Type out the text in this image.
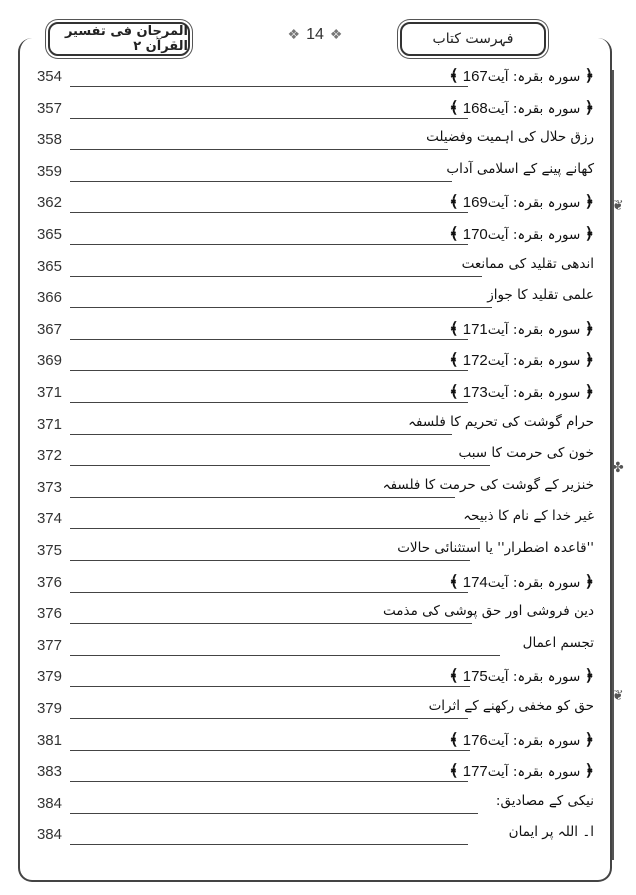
❦
✤
❦
المرجان فی تفسیر القرآن ۲
❖ 14 ❖	فہرست کتاب
354	﴿ سورہ بقرہ: آیت167 ﴾
357	﴿ سورہ بقرہ: آیت168 ﴾
358	رزق حلال کی اہمیت وفضیلت
359	کھانے پینے کے اسلامی آداب
362	﴿ سورہ بقرہ: آیت169 ﴾
365	﴿ سورہ بقرہ: آیت170 ﴾
365	اندھی تقلید کی ممانعت
366	علمی تقلید کا جواز
367	﴿ سورہ بقرہ: آیت171 ﴾
369	﴿ سورہ بقرہ: آیت172 ﴾
371	﴿ سورہ بقرہ: آیت173 ﴾
371	حرام گوشت کی تحریم کا فلسفہ
372	خون کی حرمت کا سبب
373	خنزیر کے گوشت کی حرمت کا فلسفہ
374	غیر خدا کے نام کا ذبیحہ
375	''قاعدہ اضطرار'' یا استثنائی حالات
376	﴿ سورہ بقرہ: آیت174 ﴾
376	دین فروشی اور حق پوشی کی مذمت
377	تجسم اعمال
379	﴿ سورہ بقرہ: آیت175 ﴾
379	حق کو مخفی رکھنے کے اثرات
381	﴿ سورہ بقرہ: آیت176 ﴾
383	﴿ سورہ بقرہ: آیت177 ﴾
384	نیکی کے مصادیق:
384	ا۔ اللہ پر ایمان
